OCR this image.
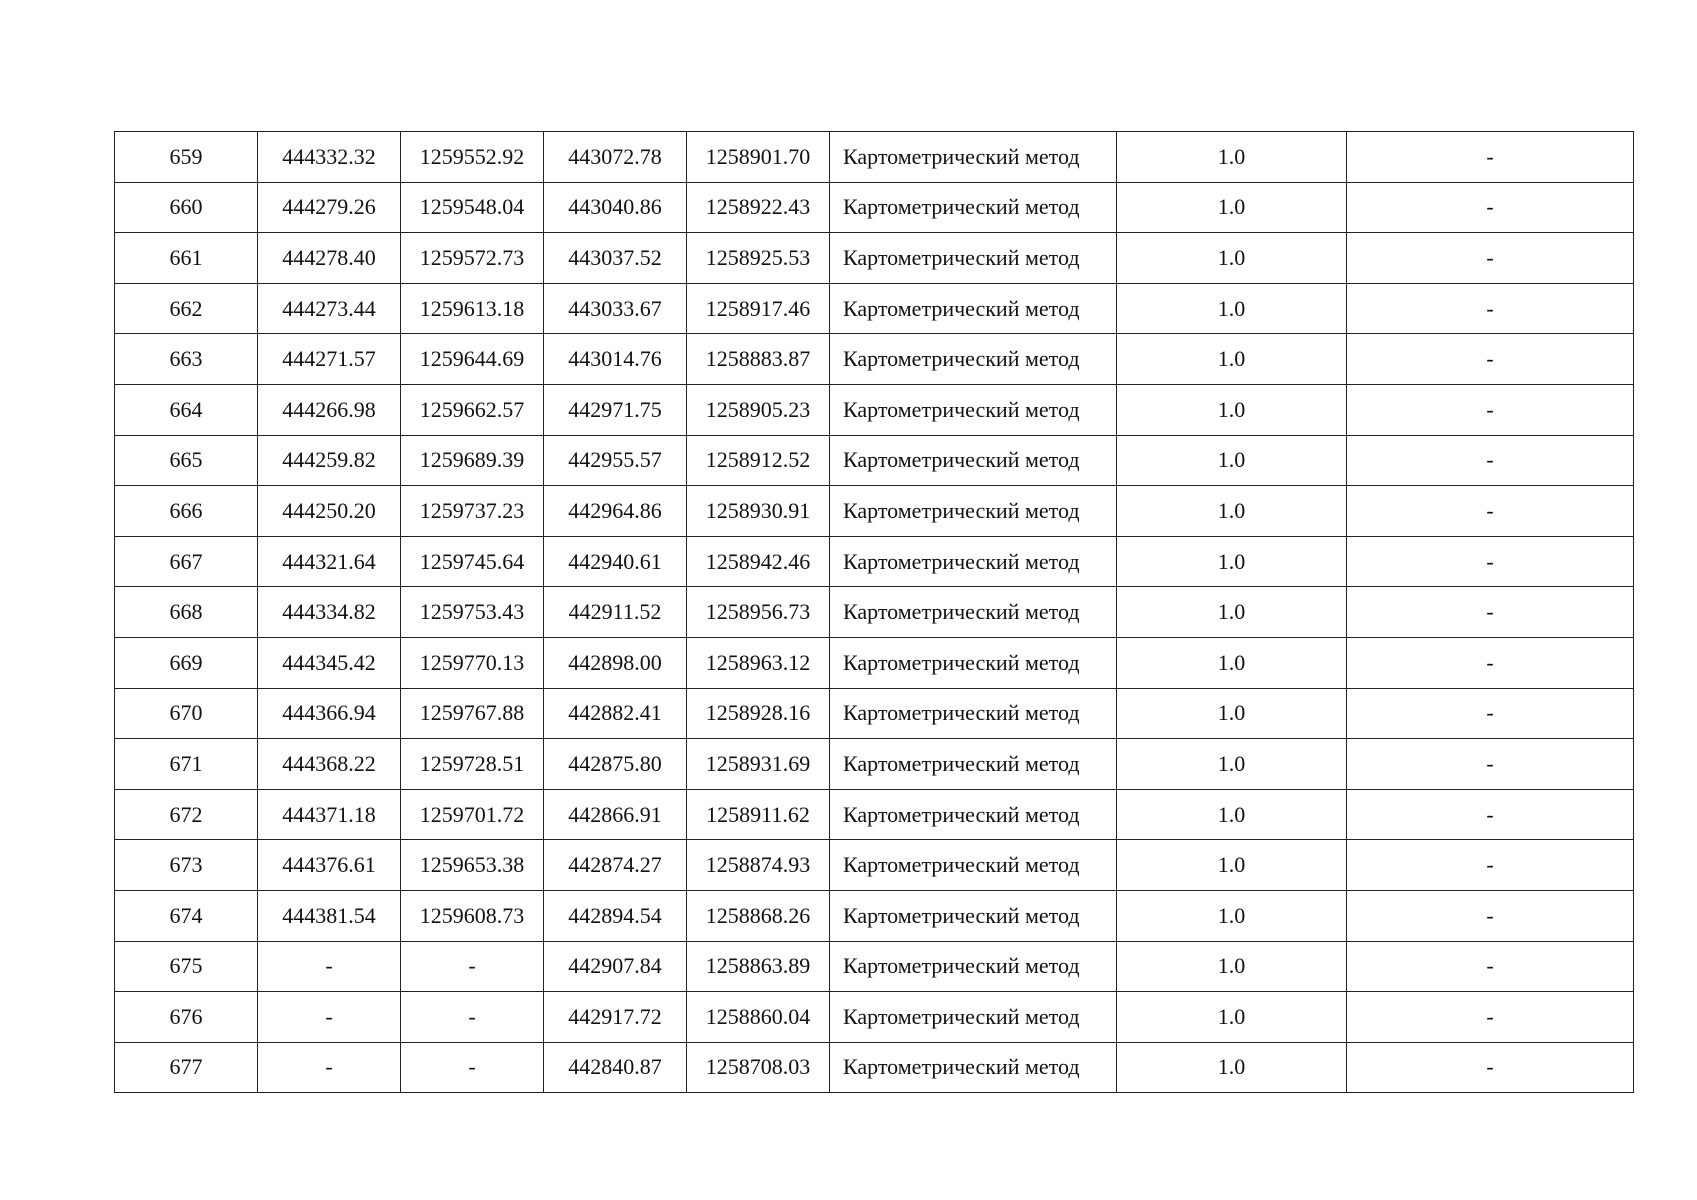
659	444332.32	1259552.92	443072.78	1258901.70	Картометрический метод	1.0	-
660	444279.26	1259548.04	443040.86	1258922.43	Картометрический метод	1.0	-
661	444278.40	1259572.73	443037.52	1258925.53	Картометрический метод	1.0	-
662	444273.44	1259613.18	443033.67	1258917.46	Картометрический метод	1.0	-
663	444271.57	1259644.69	443014.76	1258883.87	Картометрический метод	1.0	-
664	444266.98	1259662.57	442971.75	1258905.23	Картометрический метод	1.0	-
665	444259.82	1259689.39	442955.57	1258912.52	Картометрический метод	1.0	-
666	444250.20	1259737.23	442964.86	1258930.91	Картометрический метод	1.0	-
667	444321.64	1259745.64	442940.61	1258942.46	Картометрический метод	1.0	-
668	444334.82	1259753.43	442911.52	1258956.73	Картометрический метод	1.0	-
669	444345.42	1259770.13	442898.00	1258963.12	Картометрический метод	1.0	-
670	444366.94	1259767.88	442882.41	1258928.16	Картометрический метод	1.0	-
671	444368.22	1259728.51	442875.80	1258931.69	Картометрический метод	1.0	-
672	444371.18	1259701.72	442866.91	1258911.62	Картометрический метод	1.0	-
673	444376.61	1259653.38	442874.27	1258874.93	Картометрический метод	1.0	-
674	444381.54	1259608.73	442894.54	1258868.26	Картометрический метод	1.0	-
675	-	-	442907.84	1258863.89	Картометрический метод	1.0	-
676	-	-	442917.72	1258860.04	Картометрический метод	1.0	-
677	-	-	442840.87	1258708.03	Картометрический метод	1.0	-
